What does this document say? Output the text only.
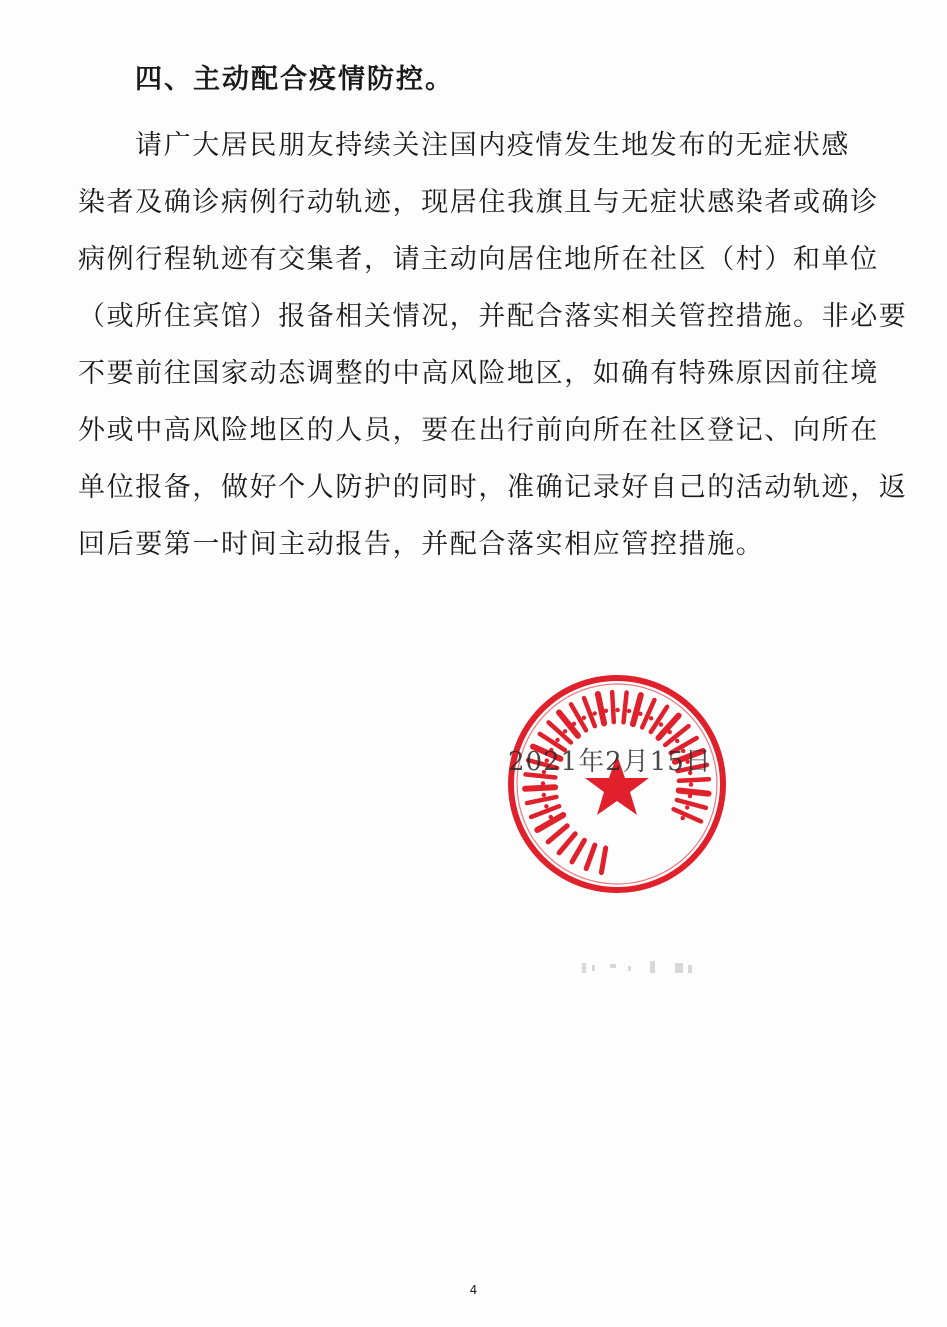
四、主动配合疫情防控。
请广大居民朋友持续关注国内疫情发生地发布的无症状感
染者及确诊病例行动轨迹，现居住我旗且与无症状感染者或确诊
病例行程轨迹有交集者，请主动向居住地所在社区（村）和单位
（或所住宾馆）报备相关情况，并配合落实相关管控措施。非必要
不要前往国家动态调整的中高风险地区，如确有特殊原因前往境
外或中高风险地区的人员，要在出行前向所在社区登记、向所在
单位报备，做好个人防护的同时，准确记录好自己的活动轨迹，返
回后要第一时间主动报告，并配合落实相应管控措施。
2021年2月15日
4
